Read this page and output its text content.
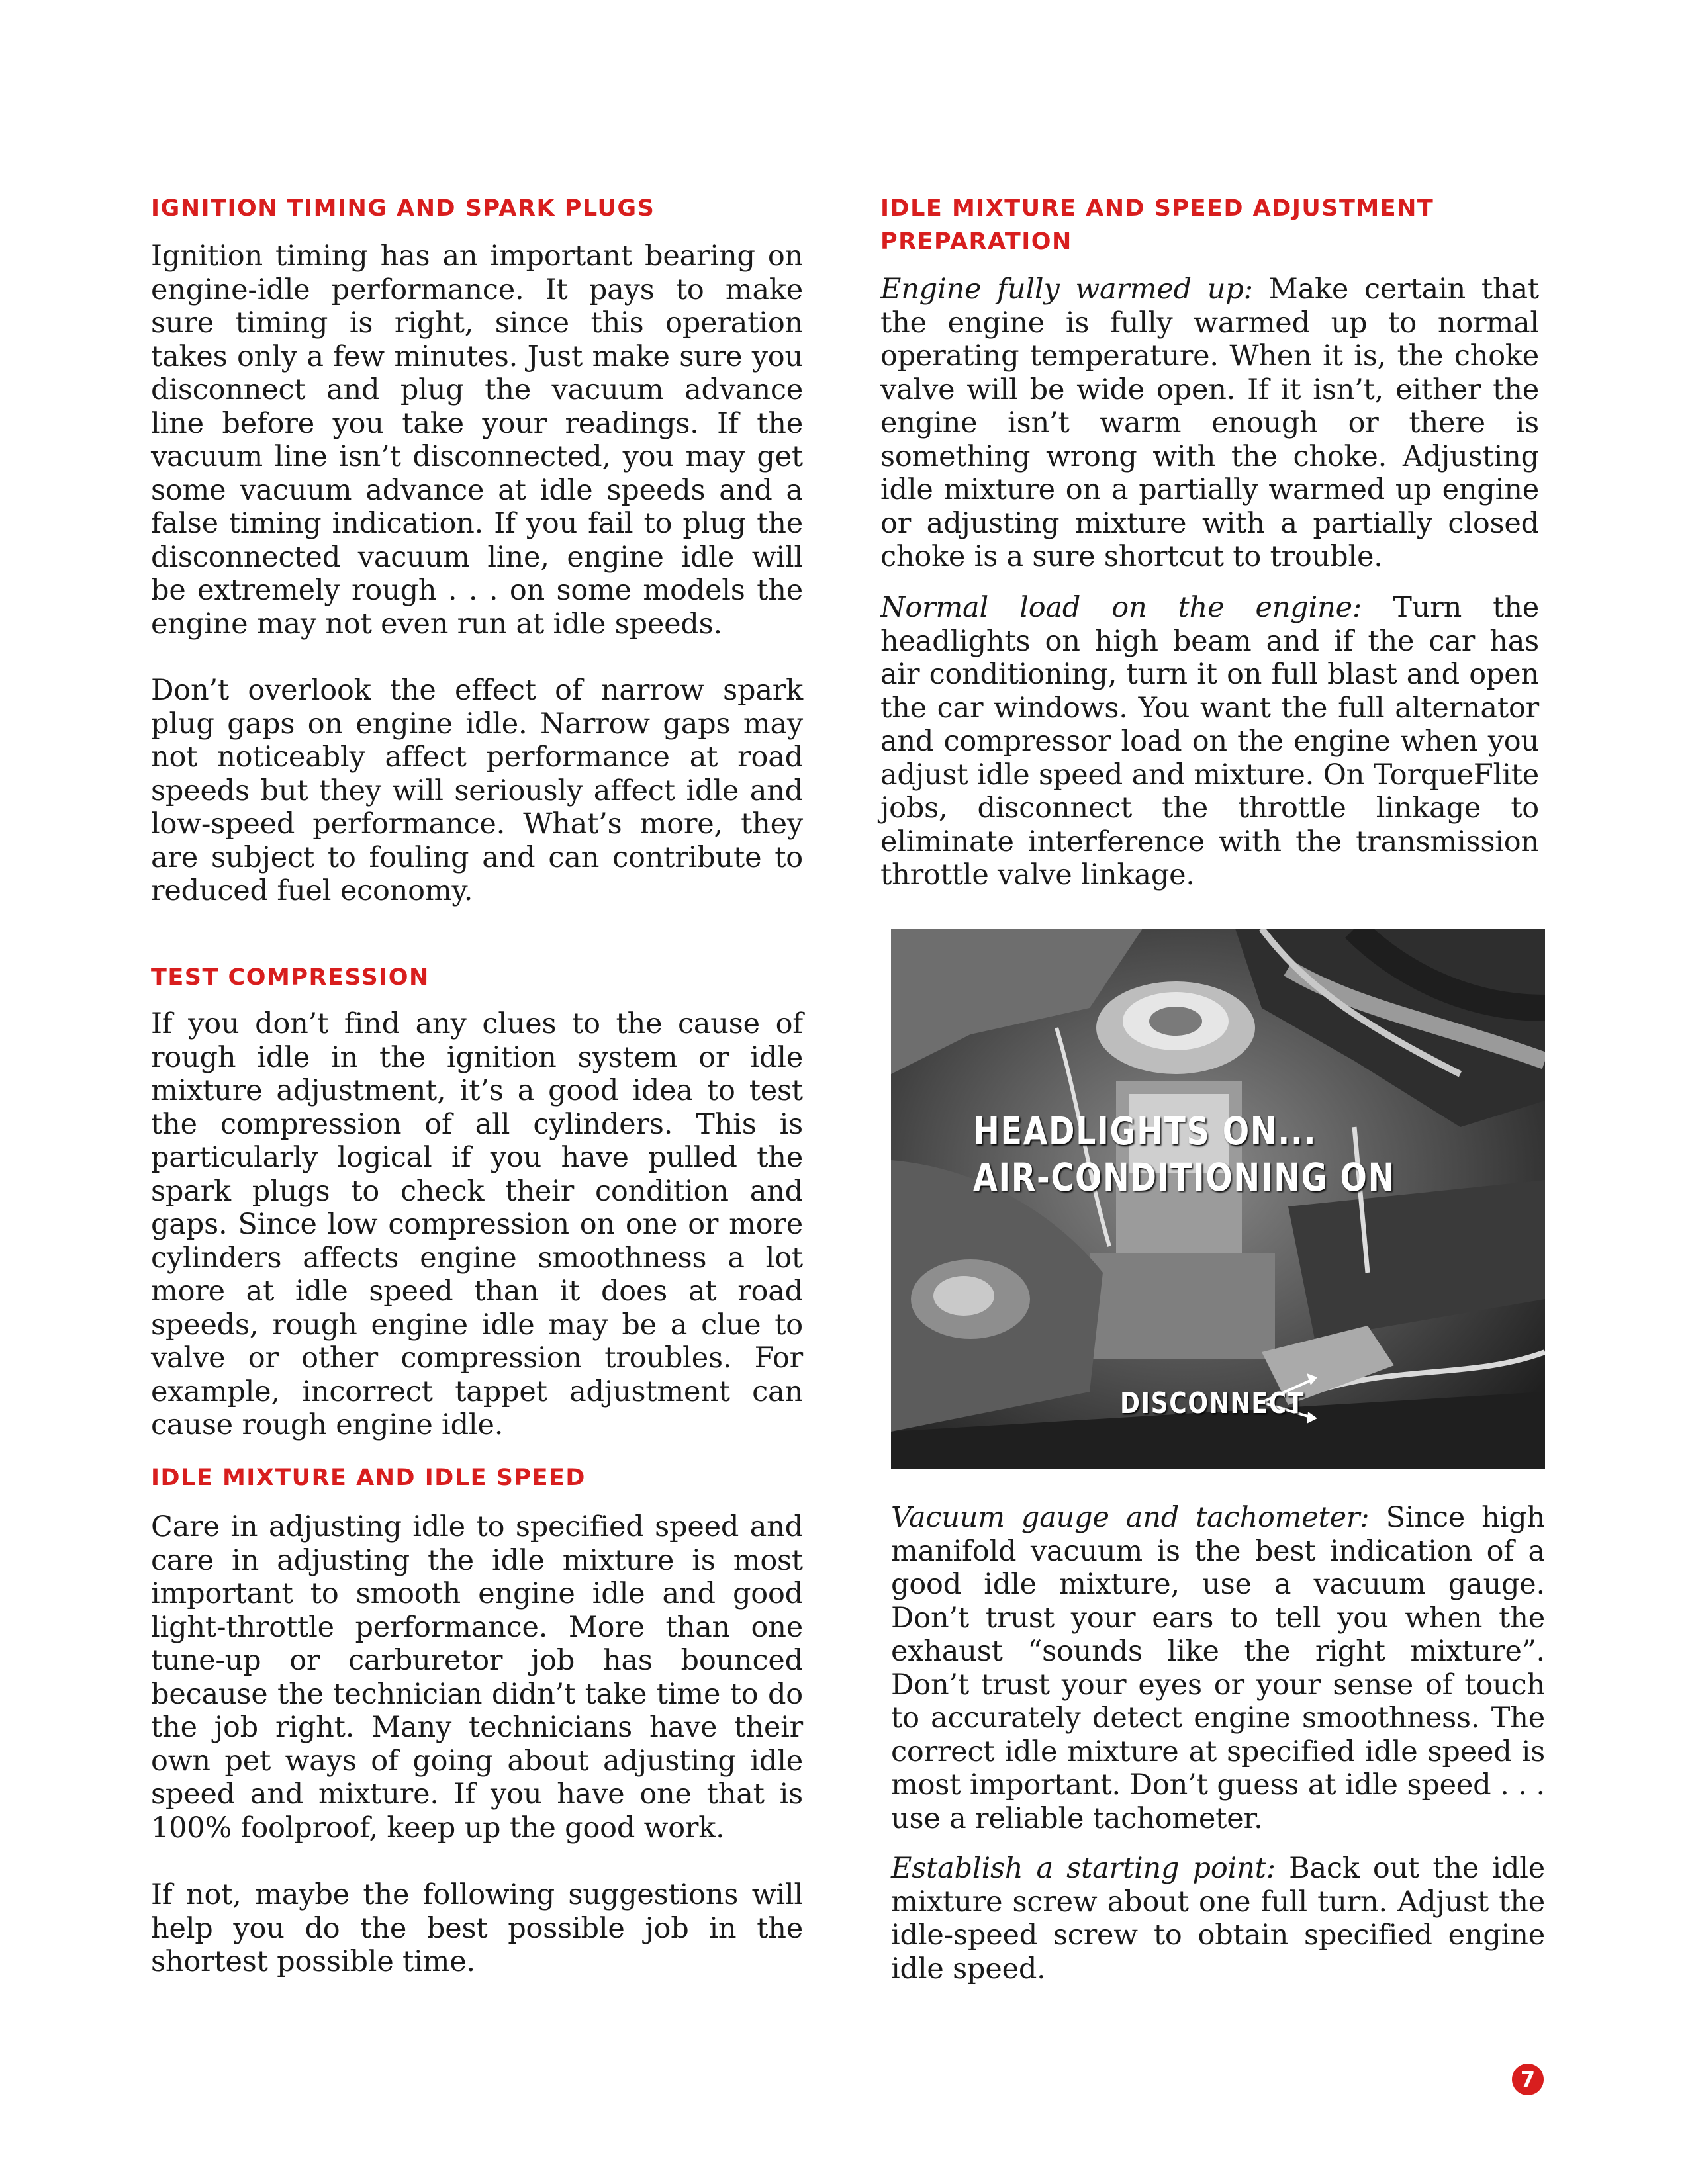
IGNITION TIMING AND SPARK PLUGS

Ignition timing has an important bearing on engine-idle performance. It pays to make sure timing is right, since this operation takes only a few minutes. Just make sure you disconnect and plug the vacuum advance line before you take your readings. If the vacuum line isn’t disconnected, you may get some vacuum advance at idle speeds and a false timing indication. If you fail to plug the disconnected vacuum line, engine idle will be extremely rough . . . on some models the engine may not even run at idle speeds.

Don’t overlook the effect of narrow spark plug gaps on engine idle. Narrow gaps may not noticeably affect performance at road speeds but they will seriously affect idle and low-speed performance. What’s more, they are subject to fouling and can contribute to reduced fuel economy.

TEST COMPRESSION

If you don’t find any clues to the cause of rough idle in the ignition system or idle mixture adjustment, it’s a good idea to test the compression of all cylinders. This is particularly logical if you have pulled the spark plugs to check their condition and gaps. Since low compression on one or more cylinders affects engine smoothness a lot more at idle speed than it does at road speeds, rough engine idle may be a clue to valve or other compression troubles. For example, incorrect tappet adjustment can cause rough engine idle.

IDLE MIXTURE AND IDLE SPEED

Care in adjusting idle to specified speed and care in adjusting the idle mixture is most important to smooth engine idle and good light-throttle performance. More than one tune-up or carburetor job has bounced because the technician didn’t take time to do the job right. Many technicians have their own pet ways of going about adjusting idle speed and mixture. If you have one that is 100% foolproof, keep up the good work.

If not, maybe the following suggestions will help you do the best possible job in the shortest possible time.

IDLE MIXTURE AND SPEED ADJUSTMENT
PREPARATION

Engine fully warmed up: Make certain that the engine is fully warmed up to normal operating temperature. When it is, the choke valve will be wide open. If it isn’t, either the engine isn’t warm enough or there is something wrong with the choke. Adjusting idle mixture on a partially warmed up engine or adjusting mixture with a partially closed choke is a sure shortcut to trouble.

Normal load on the engine: Turn the headlights on high beam and if the car has air conditioning, turn it on full blast and open the car windows. You want the full alternator and compressor load on the engine when you adjust idle speed and mixture. On TorqueFlite jobs, disconnect the throttle linkage to eliminate interference with the transmission throttle valve linkage.

HEADLIGHTS ON...
AIR-CONDITIONING ON
DISCONNECT

Vacuum gauge and tachometer: Since high manifold vacuum is the best indication of a good idle mixture, use a vacuum gauge. Don’t trust your ears to tell you when the exhaust “sounds like the right mixture”. Don’t trust your eyes or your sense of touch to accurately detect engine smoothness. The correct idle mixture at specified idle speed is most important. Don’t guess at idle speed . . . use a reliable tachometer.

Establish a starting point: Back out the idle mixture screw about one full turn. Adjust the idle-speed screw to obtain specified engine idle speed.

7
